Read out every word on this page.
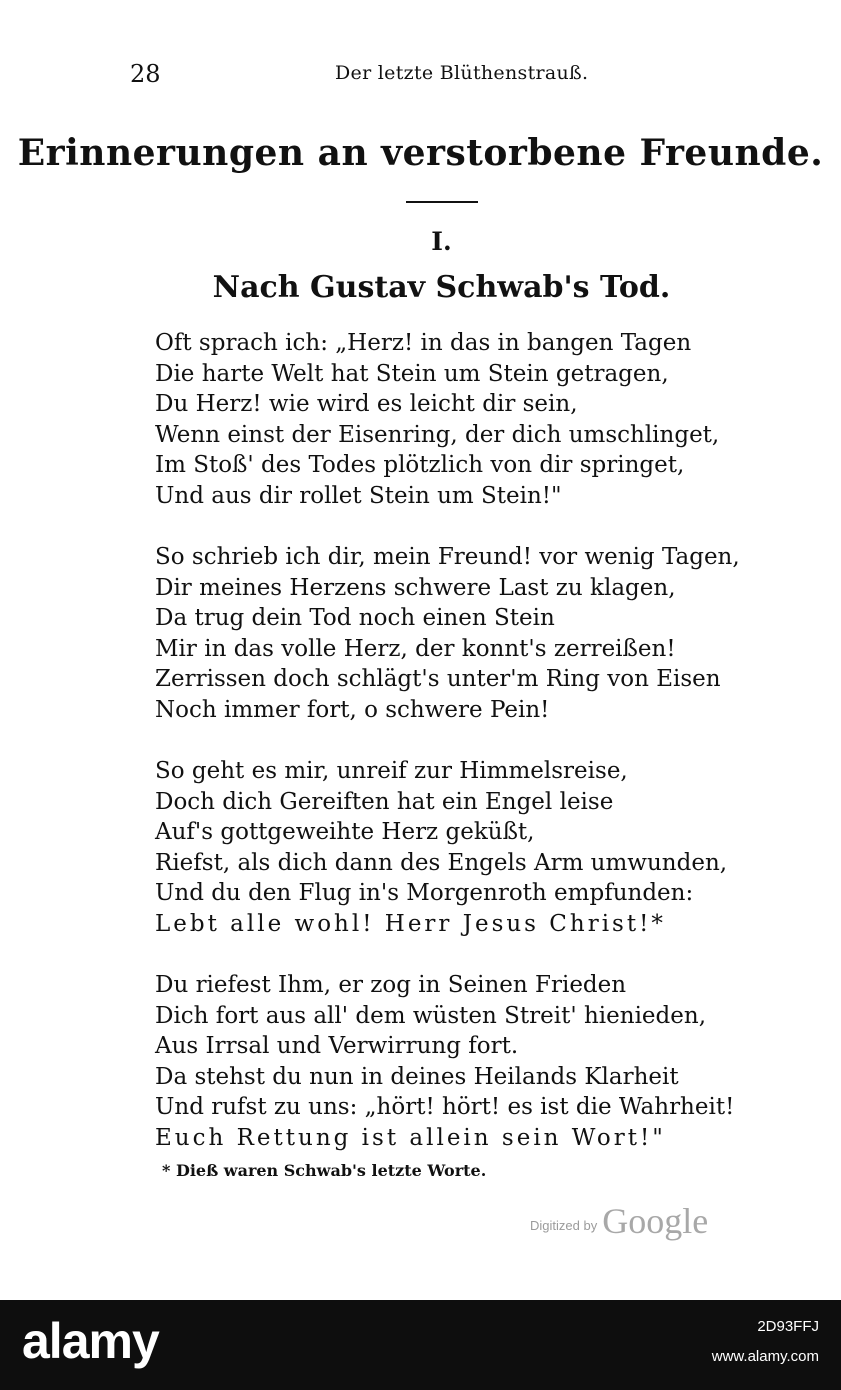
28	Der letzte Blüthenstrauß.
Erinnerungen an verstorbene Freunde.
I.
Nach Gustav Schwab's Tod.
Oft sprach ich: „Herz! in das in bangen Tagen
Die harte Welt hat Stein um Stein getragen,
Du Herz! wie wird es leicht dir sein,
Wenn einst der Eisenring, der dich umschlinget,
Im Stoß' des Todes plötzlich von dir springet,
Und aus dir rollet Stein um Stein!"
So schrieb ich dir, mein Freund! vor wenig Tagen,
Dir meines Herzens schwere Last zu klagen,
Da trug dein Tod noch einen Stein
Mir in das volle Herz, der konnt's zerreißen!
Zerrissen doch schlägt's unter'm Ring von Eisen
Noch immer fort, o schwere Pein!
So geht es mir, unreif zur Himmelsreise,
Doch dich Gereiften hat ein Engel leise
Auf's gottgeweihte Herz geküßt,
Riefst, als dich dann des Engels Arm umwunden,
Und du den Flug in's Morgenroth empfunden:
Lebt alle wohl! Herr Jesus Christ!*
Du riefest Ihm, er zog in Seinen Frieden
Dich fort aus all' dem wüsten Streit' hienieden,
Aus Irrsal und Verwirrung fort.
Da stehst du nun in deines Heilands Klarheit
Und rufst zu uns: „hört! hört! es ist die Wahrheit!
Euch Rettung ist allein sein Wort!"
* Dieß waren Schwab's letzte Worte.
Digitized by Google
alamy	2D93FFJ
www.alamy.com
